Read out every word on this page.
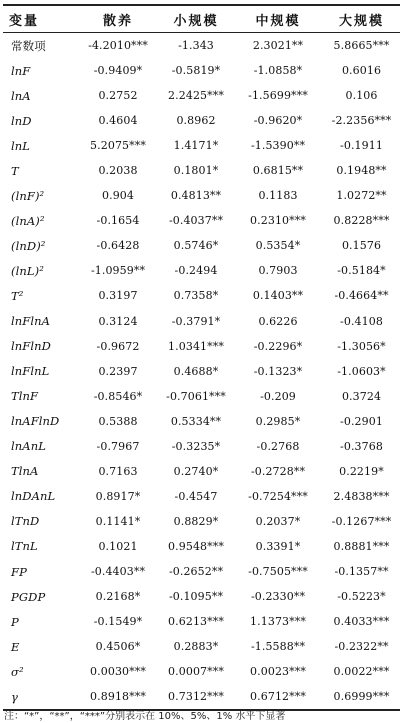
变量	散养	小规模	中规模	大规模
常数项	-4.2010***	-1.343	2.3021**	5.8665***
lnF	-0.9409*	-0.5819*	-1.0858*	0.6016
lnA	0.2752	2.2425***	-1.5699***	0.106
lnD	0.4604	0.8962	-0.9620*	-2.2356***
lnL	5.2075***	1.4171*	-1.5390**	-0.1911
T	0.2038	0.1801*	0.6815**	0.1948**
(lnF)²	0.904	0.4813**	0.1183	1.0272**
(lnA)²	-0.1654	-0.4037**	0.2310***	0.8228***
(lnD)²	-0.6428	0.5746*	0.5354*	0.1576
(lnL)²	-1.0959**	-0.2494	0.7903	-0.5184*
T²	0.3197	0.7358*	0.1403**	-0.4664**
lnFlnA	0.3124	-0.3791*	0.6226	-0.4108
lnFlnD	-0.9672	1.0341***	-0.2296*	-1.3056*
lnFlnL	0.2397	0.4688*	-0.1323*	-1.0603*
TlnF	-0.8546*	-0.7061***	-0.209	0.3724
lnAFlnD	0.5388	0.5334**	0.2985*	-0.2901
lnAnL	-0.7967	-0.3235*	-0.2768	-0.3768
TlnA	0.7163	0.2740*	-0.2728**	0.2219*
lnDAnL	0.8917*	-0.4547	-0.7254***	2.4838***
lTnD	0.1141*	0.8829*	0.2037*	-0.1267***
lTnL	0.1021	0.9548***	0.3391*	0.8881***
FP	-0.4403**	-0.2652**	-0.7505***	-0.1357**
PGDP	0.2168*	-0.1095**	-0.2330**	-0.5223*
P	-0.1549*	0.6213***	1.1373***	0.4033***
E	0.4506*	0.2883*	-1.5588**	-0.2322**
σ²	0.0030***	0.0007***	0.0023***	0.0022***
γ	0.8918***	0.7312***	0.6712***	0.6999***
注：“*”，“**”，“***”分别表示在 10%、5%、1% 水平下显著
